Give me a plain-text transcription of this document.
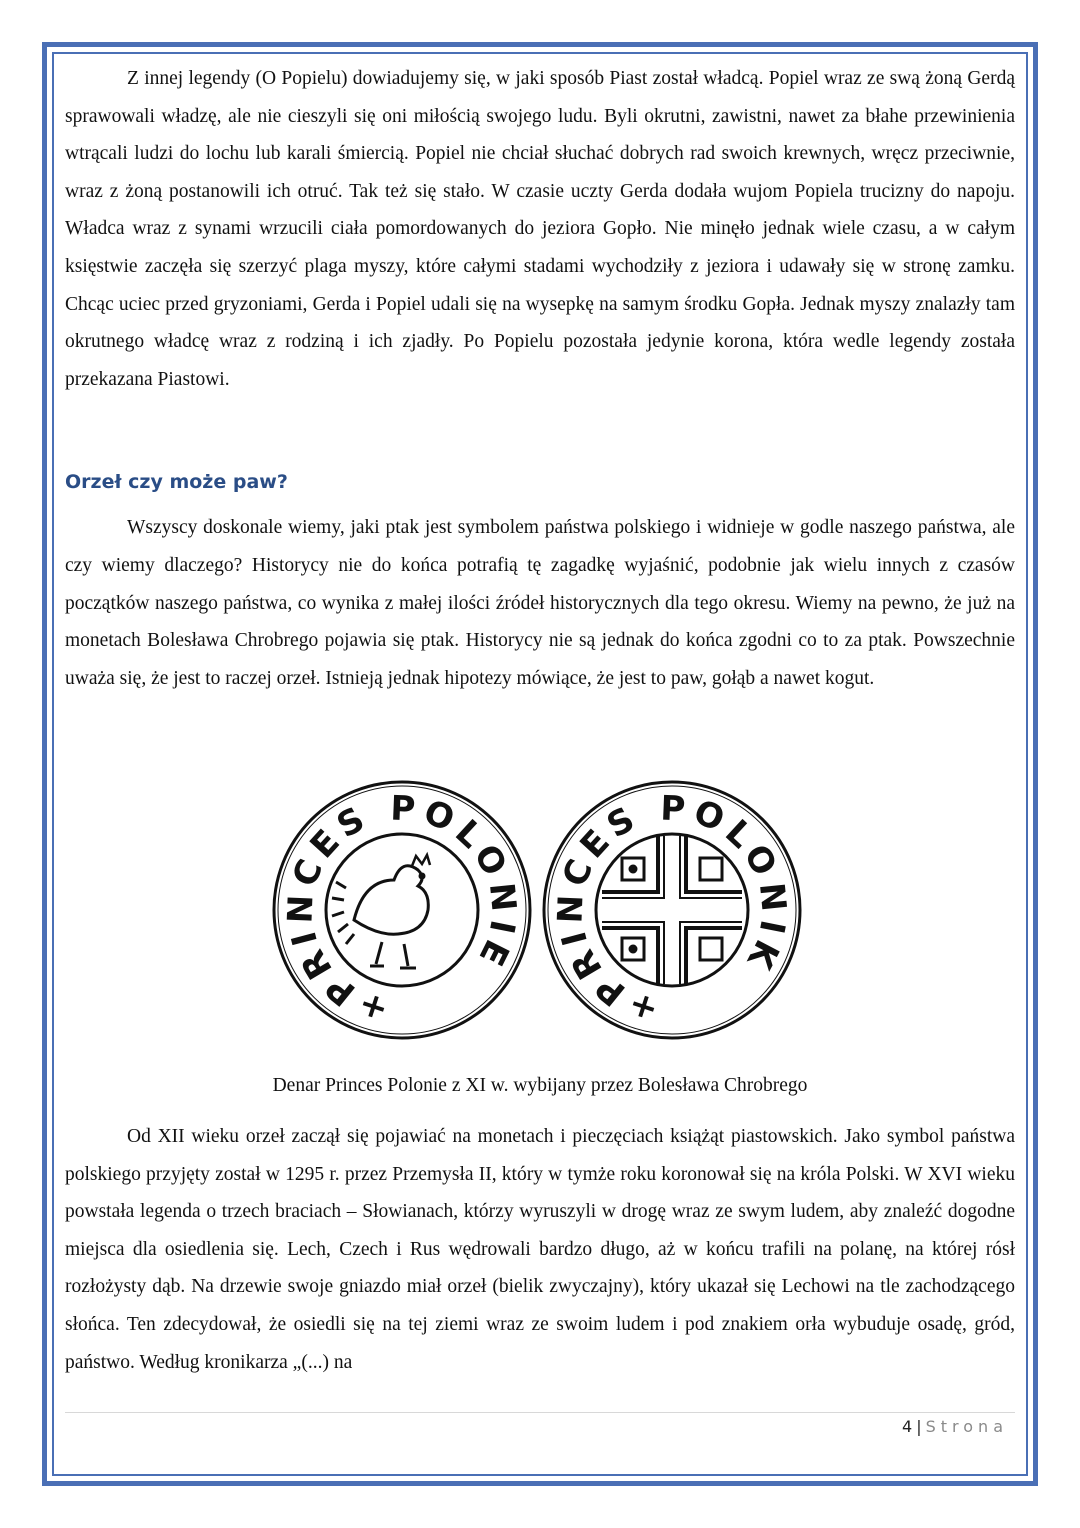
Z innej legendy (O Popielu) dowiadujemy się, w jaki sposób Piast został władcą. Popiel wraz ze swą żoną Gerdą sprawowali władzę, ale nie cieszyli się oni miłością swojego ludu. Byli okrutni, zawistni, nawet za błahe przewinienia wtrącali ludzi do lochu lub karali śmiercią. Popiel nie chciał słuchać dobrych rad swoich krewnych, wręcz przeciwnie, wraz z żoną postanowili ich otruć. Tak też się stało. W czasie uczty Gerda dodała wujom Popiela trucizny do napoju. Władca wraz z synami wrzucili ciała pomordowanych do jeziora Gopło. Nie minęło jednak wiele czasu, a w całym księstwie zaczęła się szerzyć plaga myszy, które całymi stadami wychodziły z jeziora i udawały się w stronę zamku. Chcąc uciec przed gryzoniami, Gerda i Popiel udali się na wysepkę na samym środku Gopła. Jednak myszy znalazły tam okrutnego władcę wraz z rodziną i ich zjadły. Po Popielu pozostała jedynie korona, która wedle legendy została przekazana Piastowi.

Orzeł czy może paw?

Wszyscy doskonale wiemy, jaki ptak jest symbolem państwa polskiego i widnieje w godle naszego państwa, ale czy wiemy dlaczego? Historycy nie do końca potrafią tę zagadkę wyjaśnić, podobnie jak wielu innych z czasów początków naszego państwa, co wynika z małej ilości źródeł historycznych dla tego okresu. Wiemy na pewno, że już na monetach Bolesława Chrobrego pojawia się ptak. Historycy nie są jednak do końca zgodni co to za ptak. Powszechnie uważa się, że jest to raczej orzeł. Istnieją jednak hipotezy mówiące, że jest to paw, gołąb a nawet kogut.

+PRINCES POLONIE
+PRINCES POLONIK
Denar Princes Polonie z XI w. wybijany przez Bolesława Chrobrego

Od XII wieku orzeł zaczął się pojawiać na monetach i pieczęciach książąt piastowskich. Jako symbol państwa polskiego przyjęty został w 1295 r. przez Przemysła II, który w tymże roku koronował się na króla Polski. W XVI wieku powstała legenda o trzech braciach – Słowianach, którzy wyruszyli w drogę wraz ze swym ludem, aby znaleźć dogodne miejsca dla osiedlenia się. Lech, Czech i Rus wędrowali bardzo długo, aż w końcu trafili na polanę, na której rósł rozłożysty dąb. Na drzewie swoje gniazdo miał orzeł (bielik zwyczajny), który ukazał się Lechowi na tle zachodzącego słońca. Ten zdecydował, że osiedli się na tej ziemi wraz ze swoim ludem i pod znakiem orła wybuduje osadę, gród, państwo. Według kronikarza „(...) na

4 | Strona
